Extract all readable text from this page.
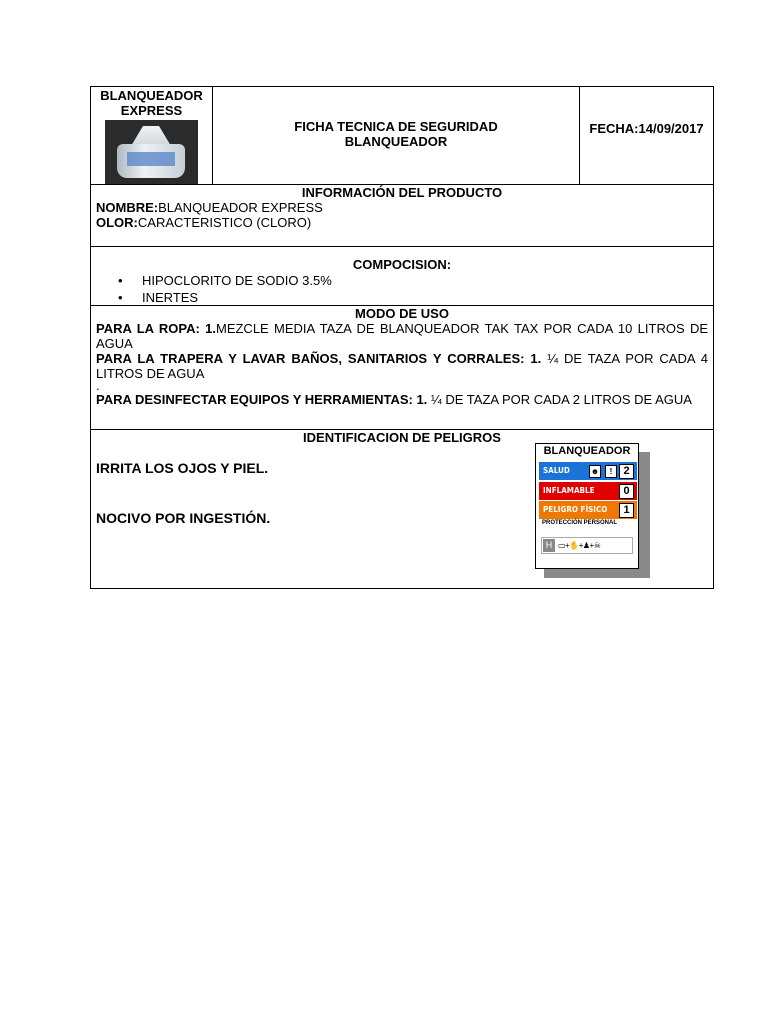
BLANQUEADOR EXPRESS
FICHA TECNICA DE SEGURIDAD
BLANQUEADOR
FECHA:14/09/2017
INFORMACIÓN DEL PRODUCTO
NOMBRE:BLANQUEADOR EXPRESS
OLOR:CARACTERISTICO (CLORO)
COMPOCISION:
• HIPOCLORITO DE SODIO 3.5%
• INERTES
MODO DE USO
PARA LA ROPA: 1.MEZCLE MEDIA TAZA DE BLANQUEADOR TAK TAX POR CADA 10 LITROS DE AGUA
PARA LA TRAPERA Y LAVAR BAÑOS, SANITARIOS Y CORRALES: 1. ¼ DE TAZA POR CADA 4 LITROS DE AGUA
.
PARA DESINFECTAR EQUIPOS Y HERRAMIENTAS: 1. ¼ DE TAZA POR CADA 2 LITROS DE AGUA
IDENTIFICACION DE PELIGROS
IRRITA LOS OJOS Y PIEL.
NOCIVO POR INGESTIÓN.
BLANQUEADOR
SALUD	☻	!	2
INFLAMABLE	0
PELIGRO FÍSICO	1
PROTECCIÓN PERSONAL
H ▭+✋+♟+☠
